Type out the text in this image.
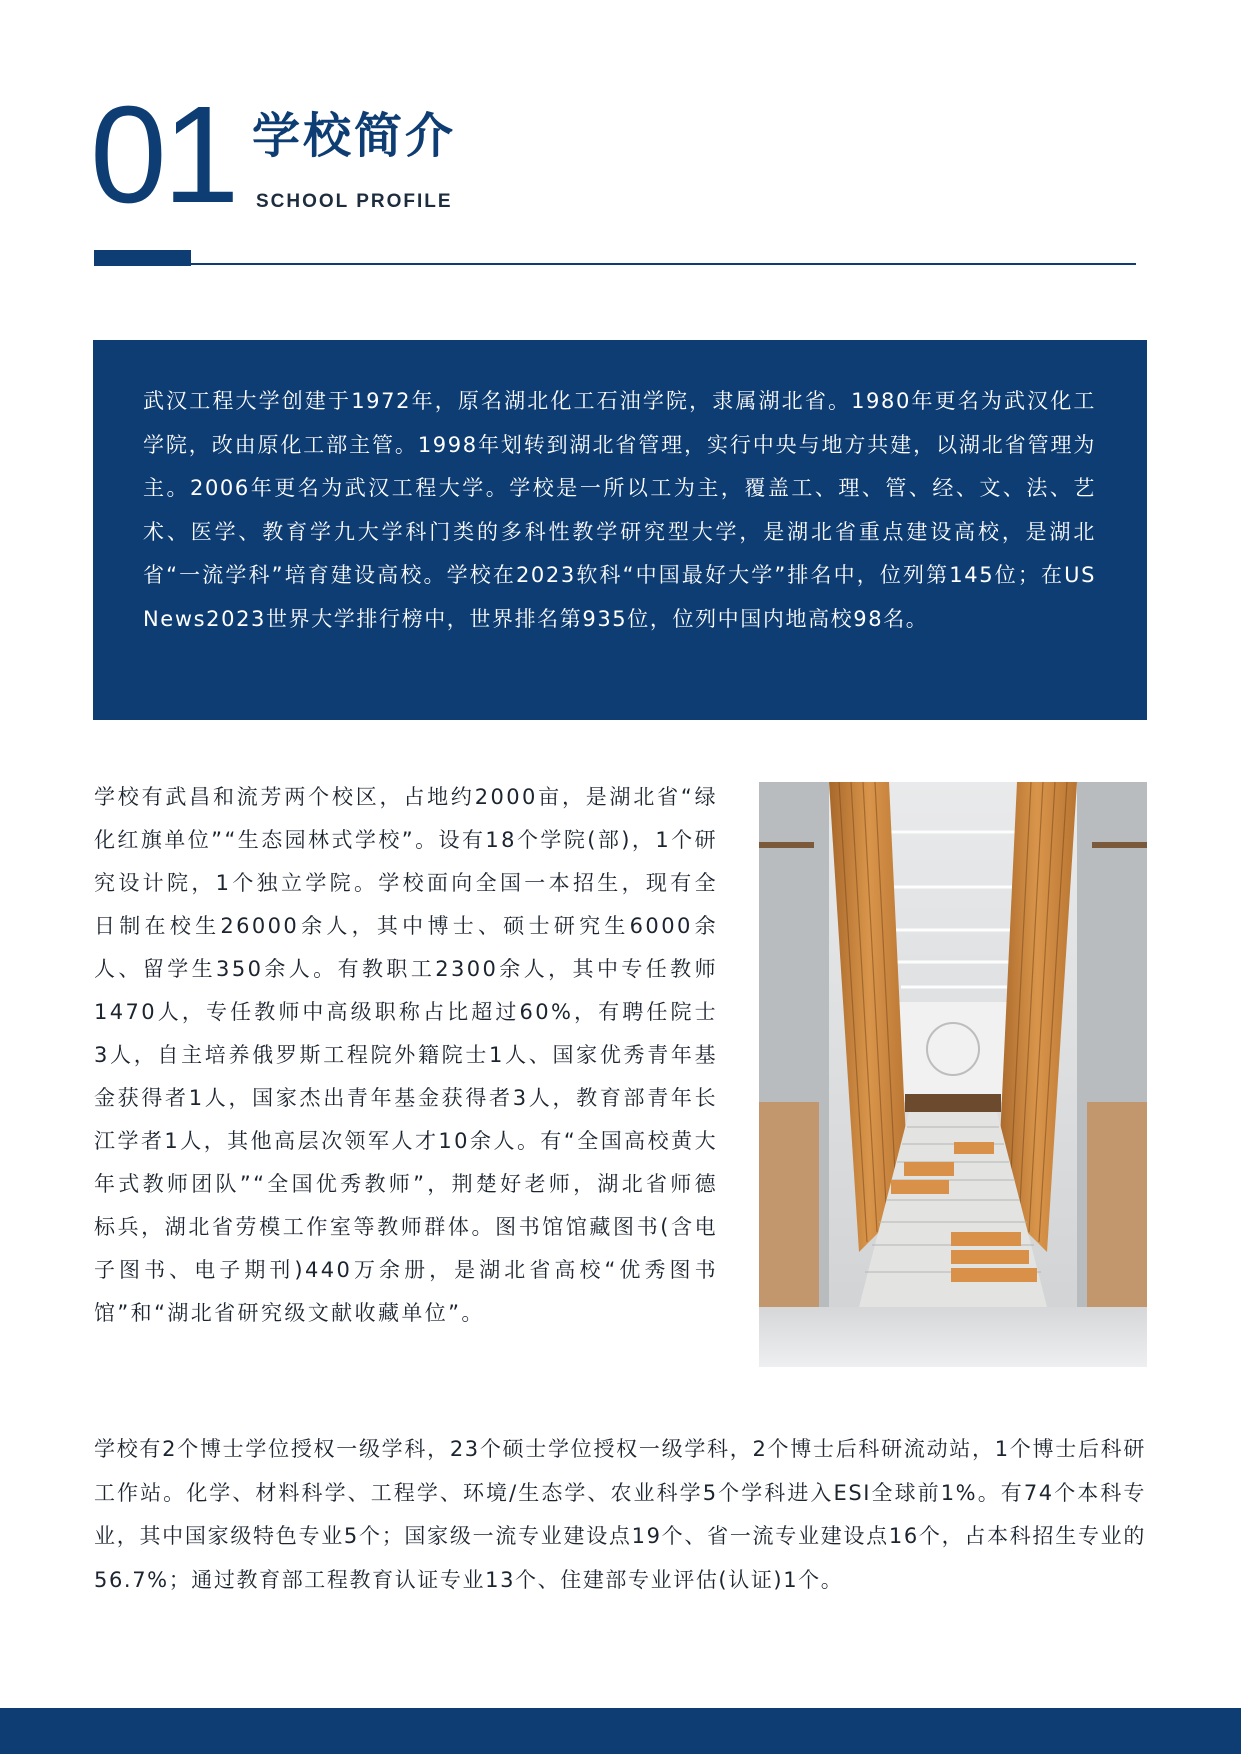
01 学校简介
SCHOOL PROFILE

武汉工程大学创建于1972年，原名湖北化工石油学院，隶属湖北省。1980年更名为武汉化工学院，改由原化工部主管。1998年划转到湖北省管理，实行中央与地方共建，以湖北省管理为主。2006年更名为武汉工程大学。学校是一所以工为主，覆盖工、理、管、经、文、法、艺术、医学、教育学九大学科门类的多科性教学研究型大学，是湖北省重点建设高校，是湖北省“一流学科”培育建设高校。学校在2023软科“中国最好大学”排名中，位列第145位；在US News2023世界大学排行榜中，世界排名第935位，位列中国内地高校98名。

学校有武昌和流芳两个校区，占地约2000亩，是湖北省“绿化红旗单位”“生态园林式学校”。设有18个学院(部)，1个研究设计院，1个独立学院。学校面向全国一本招生，现有全日制在校生26000余人，其中博士、硕士研究生6000余人、留学生350余人。有教职工2300余人，其中专任教师1470人，专任教师中高级职称占比超过60%，有聘任院士3人，自主培养俄罗斯工程院外籍院士1人、国家优秀青年基金获得者1人，国家杰出青年基金获得者3人，教育部青年长江学者1人，其他高层次领军人才10余人。有“全国高校黄大年式教师团队”“全国优秀教师”，荆楚好老师，湖北省师德标兵，湖北省劳模工作室等教师群体。图书馆馆藏图书(含电子图书、电子期刊)440万余册，是湖北省高校“优秀图书馆”和“湖北省研究级文献收藏单位”。

学校有2个博士学位授权一级学科，23个硕士学位授权一级学科，2个博士后科研流动站，1个博士后科研工作站。化学、材料科学、工程学、环境/生态学、农业科学5个学科进入ESI全球前1%。有74个本科专业，其中国家级特色专业5个；国家级一流专业建设点19个、省一流专业建设点16个，占本科招生专业的56.7%；通过教育部工程教育认证专业13个、住建部专业评估(认证)1个。
